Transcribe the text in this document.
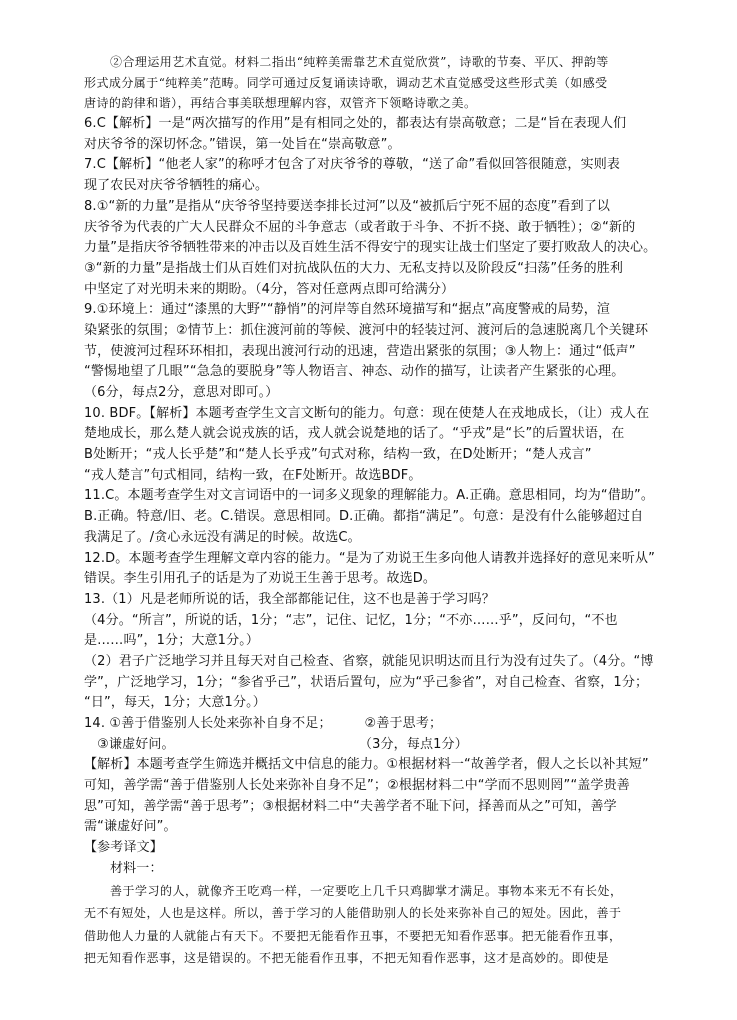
②合理运用艺术直觉。材料二指出“纯粹美需靠艺术直觉欣赏”，诗歌的节奏、平仄、押韵等
形式成分属于“纯粹美”范畴。同学可通过反复诵读诗歌，调动艺术直觉感受这些形式美（如感受
唐诗的韵律和谐），再结合事美联想理解内容，双管齐下领略诗歌之美。
6.C【解析】一是“两次描写的作用”是有相同之处的，都表达有崇高敬意；二是“旨在表现人们
对庆爷爷的深切怀念。”错误，第一处旨在“崇高敬意”。
7.C【解析】“他老人家”的称呼才包含了对庆爷爷的尊敬，“送了命”看似回答很随意，实则表
现了农民对庆爷爷牺牲的痛心。
8.①“新的力量”是指从“庆爷爷坚持要送李排长过河”以及“被抓后宁死不屈的态度”看到了以
庆爷爷为代表的广大人民群众不屈的斗争意志（或者敢于斗争、不折不挠、敢于牺牲）；②“新的
力量”是指庆爷爷牺牲带来的冲击以及百姓生活不得安宁的现实让战士们坚定了要打败敌人的决心。
③“新的力量”是指战士们从百姓们对抗战队伍的大力、无私支持以及阶段反“扫荡”任务的胜利
中坚定了对光明未来的期盼。（4分，答对任意两点即可给满分）
9.①环境上：通过“漆黑的大野”“静悄”的河岸等自然环境描写和“据点”高度警戒的局势，渲
染紧张的氛围；②情节上：抓住渡河前的等候、渡河中的轻装过河、渡河后的急速脱离几个关键环
节，使渡河过程环环相扣，表现出渡河行动的迅速，营造出紧张的氛围；③人物上：通过“低声”
“警惕地望了几眼”“急急的要脱身”等人物语言、神态、动作的描写，让读者产生紧张的心理。
（6分，每点2分，意思对即可。）
10. BDF。【解析】本题考查学生文言文断句的能力。句意：现在使楚人在戎地成长，（让）戎人在
楚地成长，那么楚人就会说戎族的话，戎人就会说楚地的话了。“乎戎”是“长”的后置状语，在
B处断开；“戎人长乎楚”和“楚人长乎戎”句式对称，结构一致，在D处断开；“楚人戎言”
“戎人楚言”句式相同，结构一致，在F处断开。故选BDF。
11.C。本题考查学生对文言词语中的一词多义现象的理解能力。A.正确。意思相同，均为“借助”。
B.正确。特意/旧、老。C.错误。意思相同。D.正确。都指“满足”。句意：是没有什么能够超过自
我满足了。/贪心永远没有满足的时候。故选C。
12.D。本题考查学生理解文章内容的能力。“是为了劝说王生多向他人请教并选择好的意见来听从”
错误。李生引用孔子的话是为了劝说王生善于思考。故选D。
13.（1）凡是老师所说的话，我全部都能记住，这不也是善于学习吗？
（4分。“所言”，所说的话，1分；“志”，记住、记忆，1分；“不亦……乎”，反问句，“不也
是……吗”，1分；大意1分。）
（2）君子广泛地学习并且每天对自己检查、省察，就能见识明达而且行为没有过失了。（4分。“博
学”，广泛地学习，1分；“参省乎己”，状语后置句，应为“乎己参省”，对自己检查、省察，1分；
“日”，每天，1分；大意1分。）
14. ①善于借鉴别人长处来弥补自身不足；　　　②善于思考；
　③谦虚好问。　　　　　　　　　　　　　　　（3分，每点1分）
【解析】本题考查学生筛选并概括文中信息的能力。①根据材料一“故善学者，假人之长以补其短”
可知，善学需“善于借鉴别人长处来弥补自身不足”；②根据材料二中“学而不思则罔”“盖学贵善
思”可知，善学需“善于思考”；③根据材料二中“夫善学者不耻下问，择善而从之”可知，善学
需“谦虚好问”。
【参考译文】
材料一：
善于学习的人，就像齐王吃鸡一样，一定要吃上几千只鸡脚掌才满足。事物本来无不有长处，
无不有短处，人也是这样。所以，善于学习的人能借助别人的长处来弥补自己的短处。因此，善于
借助他人力量的人就能占有天下。不要把无能看作丑事，不要把无知看作恶事。把无能看作丑事，
把无知看作恶事，这是错误的。不把无能看作丑事，不把无知看作恶事，这才是高妙的。即使是
